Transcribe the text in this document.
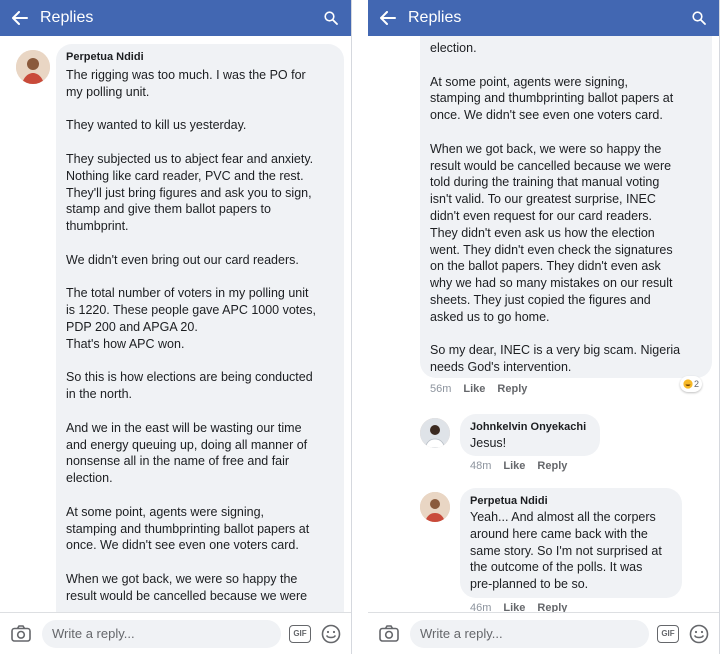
Replies
Perpetua Ndidi
The rigging was too much. I was the PO for
my polling unit.

They wanted to kill us yesterday.

They subjected us to abject fear and anxiety.
Nothing like card reader, PVC and the rest.
They'll just bring figures and ask you to sign,
stamp and give them ballot papers to
thumbprint.

We didn't even bring out our card readers.

The total number of voters in my polling unit
is 1220. These people gave APC 1000 votes,
PDP 200 and APGA 20.
That's how APC won.

So this is how elections are being conducted
in the north.

And we in the east will be wasting our time
and energy queuing up, doing all manner of
nonsense all in the name of free and fair
election.

At some point, agents were signing,
stamping and thumbprinting ballot papers at
once. We didn't see even one voters card.

When we got back, we were so happy the
result would be cancelled because we were
Write a reply...
GIF
Replies
election.

At some point, agents were signing,
stamping and thumbprinting ballot papers at
once. We didn't see even one voters card.

When we got back, we were so happy the
result would be cancelled because we were
told during the training that manual voting
isn't valid. To our greatest surprise, INEC
didn't even request for our card readers.
They didn't even ask us how the election
went. They didn't even check the signatures
on the ballot papers. They didn't even ask
why we had so many mistakes on our result
sheets. They just copied the figures and
asked us to go home.

So my dear, INEC is a very big scam. Nigeria
needs God's intervention.
56m Like Reply	2
Johnkelvin Onyekachi
Jesus!
48m Like Reply
Perpetua Ndidi
Yeah... And almost all the corpers
around here came back with the
same story. So I'm not surprised at
the outcome of the polls. It was
pre-planned to be so.
46m Like Reply
Write a reply...
GIF
